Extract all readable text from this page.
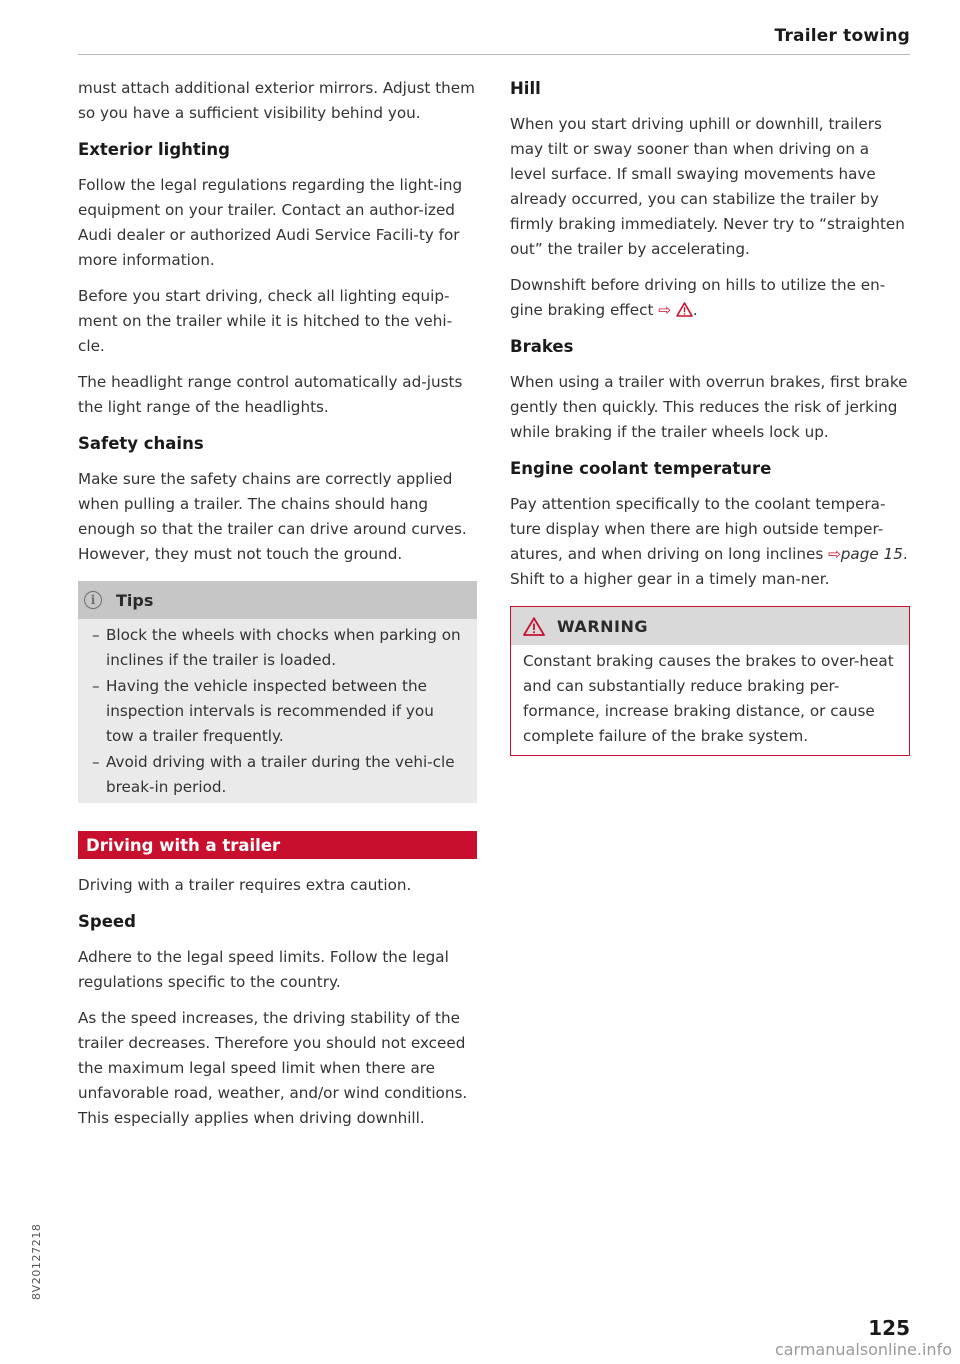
Trailer towing

must attach additional exterior mirrors. Adjust them so you have a sufficient visibility behind you.

Exterior lighting

Follow the legal regulations regarding the light-ing equipment on your trailer. Contact an author-ized Audi dealer or authorized Audi Service Facili-ty for more information.

Before you start driving, check all lighting equip-ment on the trailer while it is hitched to the vehi-cle.

The headlight range control automatically ad-justs the light range of the headlights.

Safety chains

Make sure the safety chains are correctly applied when pulling a trailer. The chains should hang enough so that the trailer can drive around curves. However, they must not touch the ground.

i	Tips
– Block the wheels with chocks when parking on inclines if the trailer is loaded.
– Having the vehicle inspected between the inspection intervals is recommended if you tow a trailer frequently.
– Avoid driving with a trailer during the vehi-cle break-in period.
Driving with a trailer

Driving with a trailer requires extra caution.

Speed

Adhere to the legal speed limits. Follow the legal regulations specific to the country.

As the speed increases, the driving stability of the trailer decreases. Therefore you should not exceed the maximum legal speed limit when there are unfavorable road, weather, and/or wind conditions. This especially applies when driving downhill.

Hill

When you start driving uphill or downhill, trailers may tilt or sway sooner than when driving on a level surface. If small swaying movements have already occurred, you can stabilize the trailer by firmly braking immediately. Never try to “straighten out” the trailer by accelerating.

Downshift before driving on hills to utilize the en-gine braking effect ⇨ .

Brakes

When using a trailer with overrun brakes, first brake gently then quickly. This reduces the risk of jerking while braking if the trailer wheels lock up.

Engine coolant temperature

Pay attention specifically to the coolant tempera-ture display when there are high outside temper-atures, and when driving on long inclines ⇨page 15. Shift to a higher gear in a timely man-ner.

WARNING

Constant braking causes the brakes to over-heat and can substantially reduce braking per-formance, increase braking distance, or cause complete failure of the brake system.

8V2012721​8
125
carmanualsonline.info
